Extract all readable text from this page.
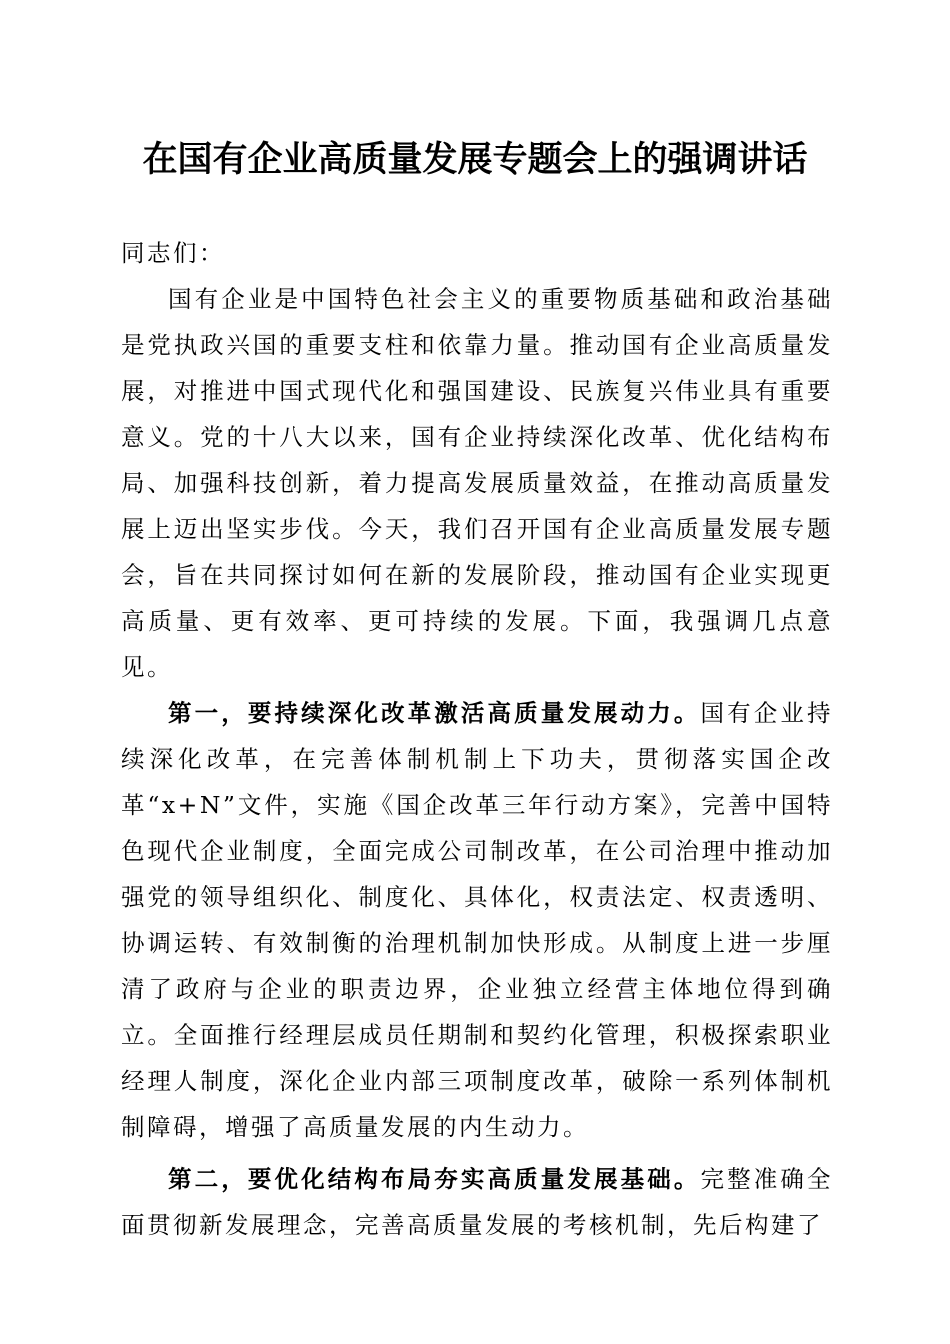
在国有企业高质量发展专题会上的强调讲话

同志们：

国有企业是中国特色社会主义的重要物质基础和政治基础是党执政兴国的重要支柱和依靠力量。推动国有企业高质量发展，对推进中国式现代化和强国建设、民族复兴伟业具有重要意义。党的十八大以来，国有企业持续深化改革、优化结构布局、加强科技创新，着力提高发展质量效益，在推动高质量发展上迈出坚实步伐。今天，我们召开国有企业高质量发展专题会，旨在共同探讨如何在新的发展阶段，推动国有企业实现更高质量、更有效率、更可持续的发展。下面，我强调几点意见。

第一，要持续深化改革激活高质量发展动力。国有企业持续深化改革，在完善体制机制上下功夫，贯彻落实国企改革“x+N”文件，实施《国企改革三年行动方案》，完善中国特色现代企业制度，全面完成公司制改革，在公司治理中推动加强党的领导组织化、制度化、具体化，权责法定、权责透明、协调运转、有效制衡的治理机制加快形成。从制度上进一步厘清了政府与企业的职责边界，企业独立经营主体地位得到确立。全面推行经理层成员任期制和契约化管理，积极探索职业经理人制度，深化企业内部三项制度改革，破除一系列体制机制障碍，增强了高质量发展的内生动力。

第二，要优化结构布局夯实高质量发展基础。完整准确全面贯彻新发展理念，完善高质量发展的考核机制，先后构建了
